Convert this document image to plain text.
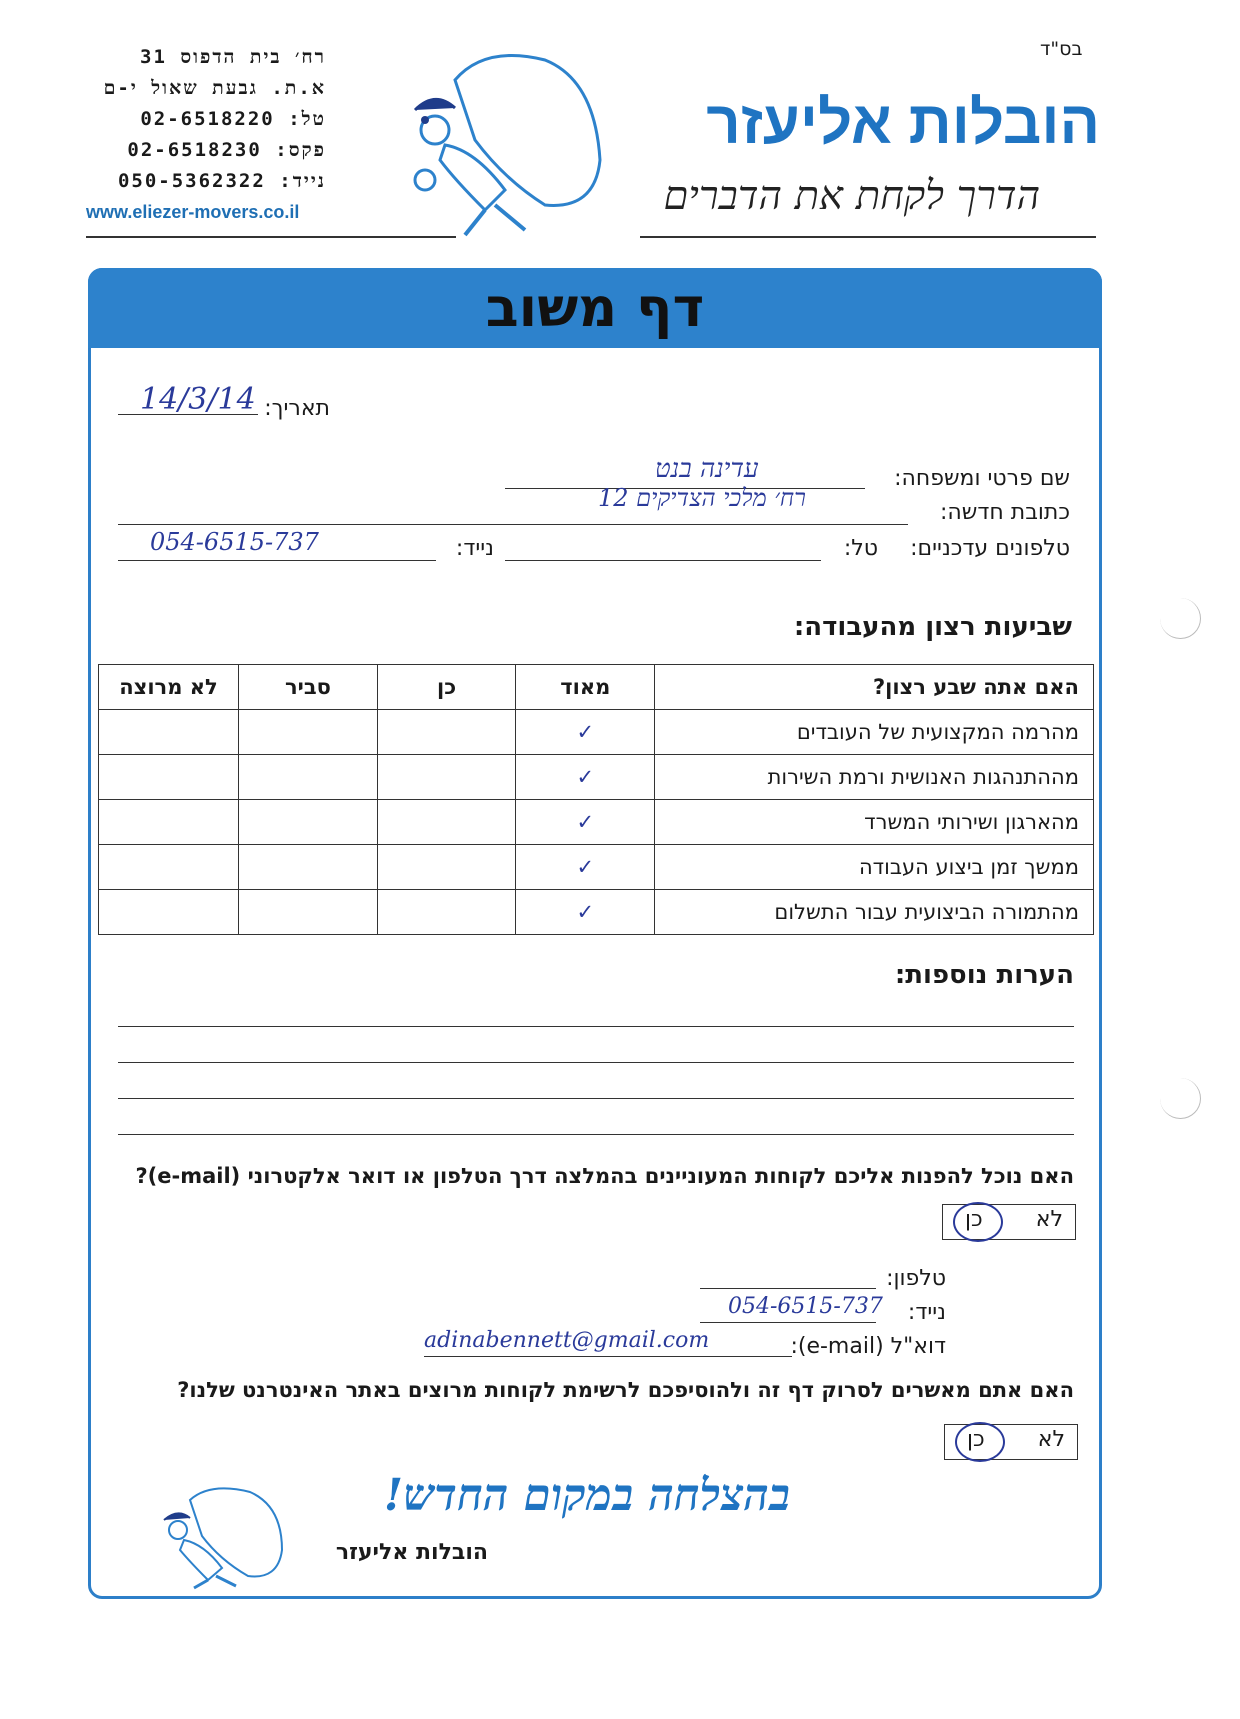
בס"ד
רח׳ בית הדפוס 31
א.ת. גבעת שאול י-ם
טל: 02-6518220
פקס: 02-6518230
נייד: 050-5362322
www.eliezer-movers.co.il
הובלות אליעזר
הדרך לקחת את הדברים
דף משוב
תאריך:
14/3/14
שם פרטי ומשפחה:
עדינה בנט
כתובת חדשה:
רח׳ מלכי הצדיקים 12
טלפונים עדכניים:
טל:
נייד:
054-6515-737
שביעות רצון מהעבודה:
האם אתה שבע רצון?	מאוד	כן	סביר	לא מרוצה
מהרמה המקצועית של העובדים	✓			
מההתנהגות האנושית ורמת השירות	✓			
מהארגון ושירותי המשרד	✓			
ממשך זמן ביצוע העבודה	✓			
מהתמורה הביצועית עבור התשלום	✓			
הערות נוספות:
האם נוכל להפנות אליכם לקוחות המעוניינים בהמלצה דרך הטלפון או דואר אלקטרוני (e-mail)?
לא
כן
טלפון:
נייד:
054-6515-737
דוא"ל (e-mail):
adinabennett@gmail.com
האם אתם מאשרים לסרוק דף זה ולהוסיפכם לרשימת לקוחות מרוצים באתר האינטרנט שלנו?
לא
כן
בהצלחה במקום החדש!
הובלות אליעזר
